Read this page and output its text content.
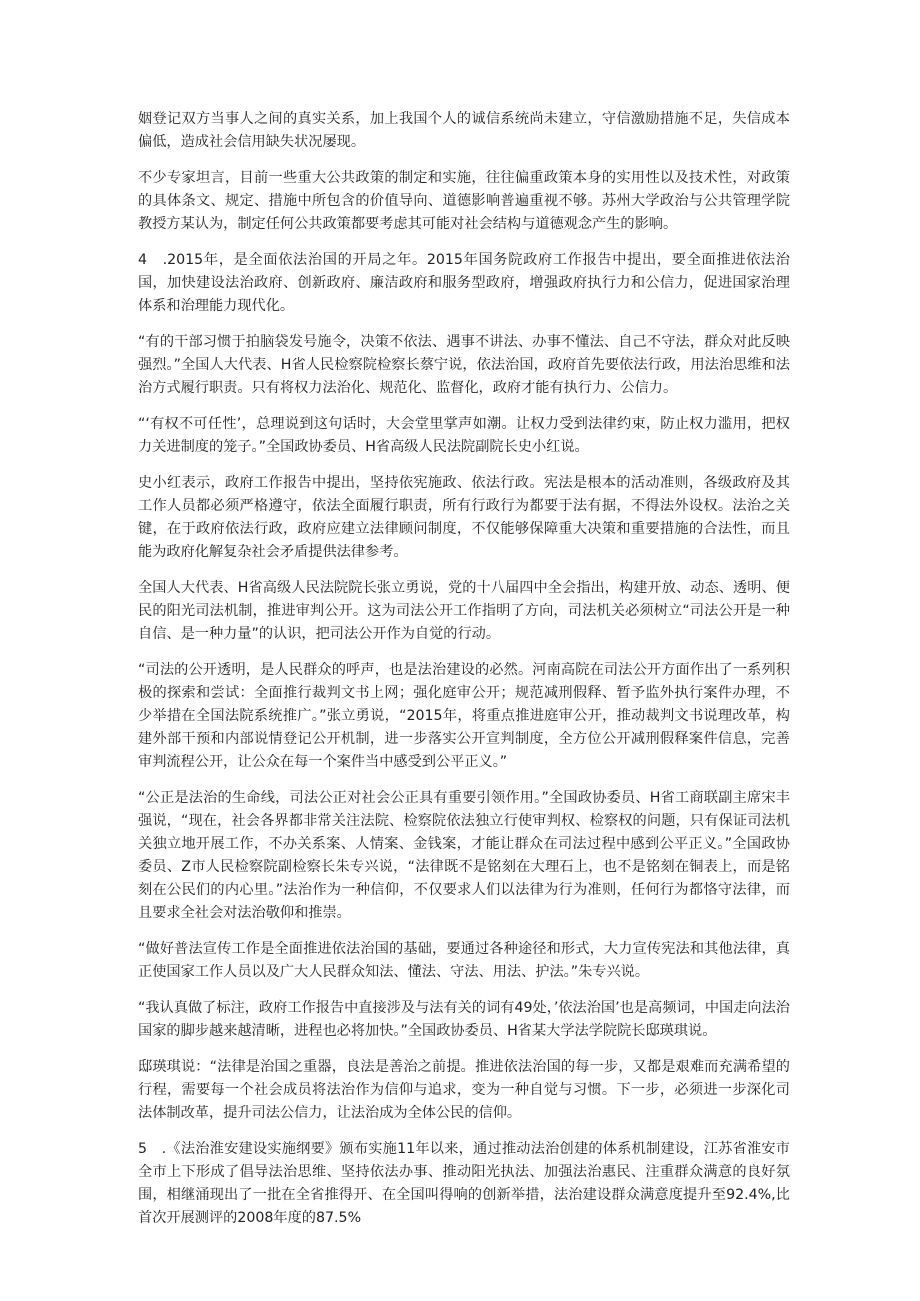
姻登记双方当事人之间的真实关系，加上我国个人的诚信系统尚未建立，守信激励措施不足，失信成本偏低，造成社会信用缺失状况屡现。

不少专家坦言，目前一些重大公共政策的制定和实施，往往偏重政策本身的实用性以及技术性，对政策的具体条文、规定、措施中所包含的价值导向、道德影响普遍重视不够。苏州大学政治与公共管理学院教授方某认为，制定任何公共政策都要考虑其可能对社会结构与道德观念产生的影响。

4　.2015年，是全面依法治国的开局之年。2015年国务院政府工作报告中提出，要全面推进依法治国，加快建设法治政府、创新政府、廉洁政府和服务型政府，增强政府执行力和公信力，促进国家治理体系和治理能力现代化。

“有的干部习惯于拍脑袋发号施令，决策不依法、遇事不讲法、办事不懂法、自己不守法，群众对此反映强烈。”全国人大代表、H省人民检察院检察长蔡宁说，依法治国，政府首先要依法行政，用法治思维和法治方式履行职责。只有将权力法治化、规范化、监督化，政府才能有执行力、公信力。

“‘有权不可任性’，总理说到这句话时，大会堂里掌声如潮。让权力受到法律约束，防止权力滥用，把权力关进制度的笼子。”全国政协委员、H省高级人民法院副院长史小红说。

史小红表示，政府工作报告中提出，坚持依宪施政、依法行政。宪法是根本的活动准则，各级政府及其工作人员都必须严格遵守，依法全面履行职责，所有行政行为都要于法有据，不得法外设权。法治之关键，在于政府依法行政，政府应建立法律顾问制度，不仅能够保障重大决策和重要措施的合法性，而且能为政府化解复杂社会矛盾提供法律参考。

全国人大代表、H省高级人民法院院长张立勇说，党的十八届四中全会指出，构建开放、动态、透明、便民的阳光司法机制，推进审判公开。这为司法公开工作指明了方向，司法机关必须树立“司法公开是一种自信、是一种力量”的认识，把司法公开作为自觉的行动。

“司法的公开透明，是人民群众的呼声，也是法治建设的必然。河南高院在司法公开方面作出了一系列积极的探索和尝试：全面推行裁判文书上网；强化庭审公开；规范减刑假释、暂予监外执行案件办理，不少举措在全国法院系统推广。”张立勇说，“2015年，将重点推进庭审公开，推动裁判文书说理改革，构建外部干预和内部说情登记公开机制，进一步落实公开宣判制度，全方位公开减刑假释案件信息，完善审判流程公开，让公众在每一个案件当中感受到公平正义。”

“公正是法治的生命线，司法公正对社会公正具有重要引领作用。”全国政协委员、H省工商联副主席宋丰强说，“现在，社会各界都非常关注法院、检察院依法独立行使审判权、检察权的问题，只有保证司法机关独立地开展工作，不办关系案、人情案、金钱案，才能让群众在司法过程中感到公平正义。”全国政协委员、Z市人民检察院副检察长朱专兴说，“法律既不是铭刻在大理石上，也不是铭刻在铜表上，而是铭刻在公民们的内心里。”法治作为一种信仰，不仅要求人们以法律为行为准则，任何行为都恪守法律，而且要求全社会对法治敬仰和推崇。

“做好普法宣传工作是全面推进依法治国的基础，要通过各种途径和形式，大力宣传宪法和其他法律，真正使国家工作人员以及广大人民群众知法、懂法、守法、用法、护法。”朱专兴说。

“我认真做了标注，政府工作报告中直接涉及与法有关的词有49处，’依法治国’也是高频词，中国走向法治国家的脚步越来越清晰，进程也必将加快。”全国政协委员、H省某大学法学院院长邸瑛琪说。

邸瑛琪说：“法律是治国之重器，良法是善治之前提。推进依法治国的每一步，又都是艰难而充满希望的行程，需要每一个社会成员将法治作为信仰与追求，变为一种自觉与习惯。下一步，必须进一步深化司法体制改革，提升司法公信力，让法治成为全体公民的信仰。

5　.《法治淮安建设实施纲要》颁布实施11年以来，通过推动法治创建的体系机制建设，江苏省淮安市全市上下形成了倡导法治思维、坚持依法办事、推动阳光执法、加强法治惠民、注重群众满意的良好氛围，相继涌现出了一批在全省推得开、在全国叫得响的创新举措，法治建设群众满意度提升至92.4%,比首次开展测评的2008年度的87.5%
